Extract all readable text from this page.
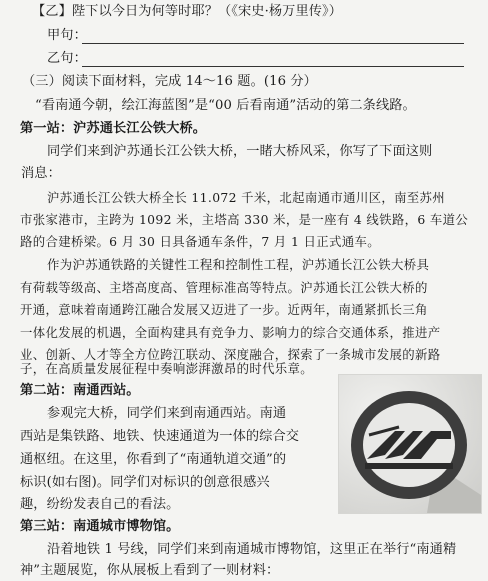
【乙】陛下以今日为何等时耶？（《宋史·杨万里传》）
甲句：
乙句：
（三）阅读下面材料，完成 14～16 题。(16 分）
“看南通今朝，绘江海蓝图”是“00 后看南通”活动的第二条线路。
第一站：沪苏通长江公铁大桥。
同学们来到沪苏通长江公铁大桥，一睹大桥风采，你写了下面这则
消息：
沪苏通长江公铁大桥全长 11.072 千米，北起南通市通川区，南至苏州
市张家港市，主跨为 1092 米，主塔高 330 米，是一座有 4 线铁路，6 车道公
路的合建桥梁。6 月 30 日具备通车条件，7 月 1 日正式通车。
作为沪苏通铁路的关键性工程和控制性工程，沪苏通长江公铁大桥具
有荷载等级高、主塔高度高、管理标准高等特点。沪苏通长江公铁大桥的
开通，意味着南通跨江融合发展又迈进了一步。近两年，南通紧抓长三角
一体化发展的机遇，全面构建具有竞争力、影响力的综合交通体系，推进产
业、创新、人才等全方位跨江联动、深度融合，探索了一条城市发展的新路
子，在高质量发展征程中奏响澎湃激昂的时代乐章。
第二站：南通西站。
参观完大桥，同学们来到南通西站。南通
西站是集铁路、地铁、快速通道为一体的综合交
通枢纽。在这里，你看到了“南通轨道交通”的
标识(如右图)。同学们对标识的创意很感兴
趣，纷纷发表自己的看法。
第三站：南通城市博物馆。
沿着地铁 1 号线，同学们来到南通城市博物馆，这里正在举行“南通精
神”主题展览，你从展板上看到了一则材料：
